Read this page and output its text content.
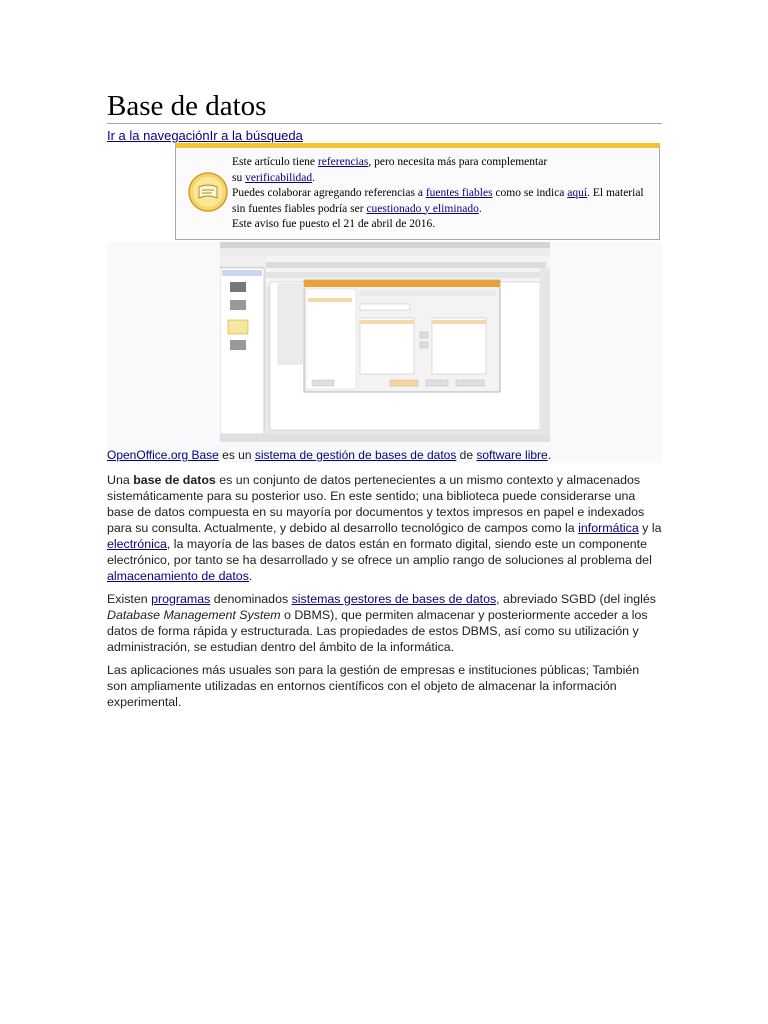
Base de datos
Ir a la navegaciónIr a la búsqueda
Este artículo tiene referencias, pero necesita más para complementar
su verificabilidad.
Puedes colaborar agregando referencias a fuentes fiables como se indica aquí. El material
sin fuentes fiables podría ser cuestionado y eliminado.
Este aviso fue puesto el 21 de abril de 2016.
OpenOffice.org Base es un sistema de gestión de bases de datos de software libre.

Una base de datos es un conjunto de datos pertenecientes a un mismo contexto y almacenados sistemáticamente para su posterior uso. En este sentido; una biblioteca puede considerarse una base de datos compuesta en su mayoría por documentos y textos impresos en papel e indexados para su consulta. Actualmente, y debido al desarrollo tecnológico de campos como la informática y la electrónica, la mayoría de las bases de datos están en formato digital, siendo este un componente electrónico, por tanto se ha desarrollado y se ofrece un amplio rango de soluciones al problema del almacenamiento de datos.

Existen programas denominados sistemas gestores de bases de datos, abreviado SGBD (del inglés Database Management System o DBMS), que permiten almacenar y posteriormente acceder a los datos de forma rápida y estructurada. Las propiedades de estos DBMS, así como su utilización y administración, se estudian dentro del ámbito de la informática.

Las aplicaciones más usuales son para la gestión de empresas e instituciones públicas; También son ampliamente utilizadas en entornos científicos con el objeto de almacenar la información experimental.
